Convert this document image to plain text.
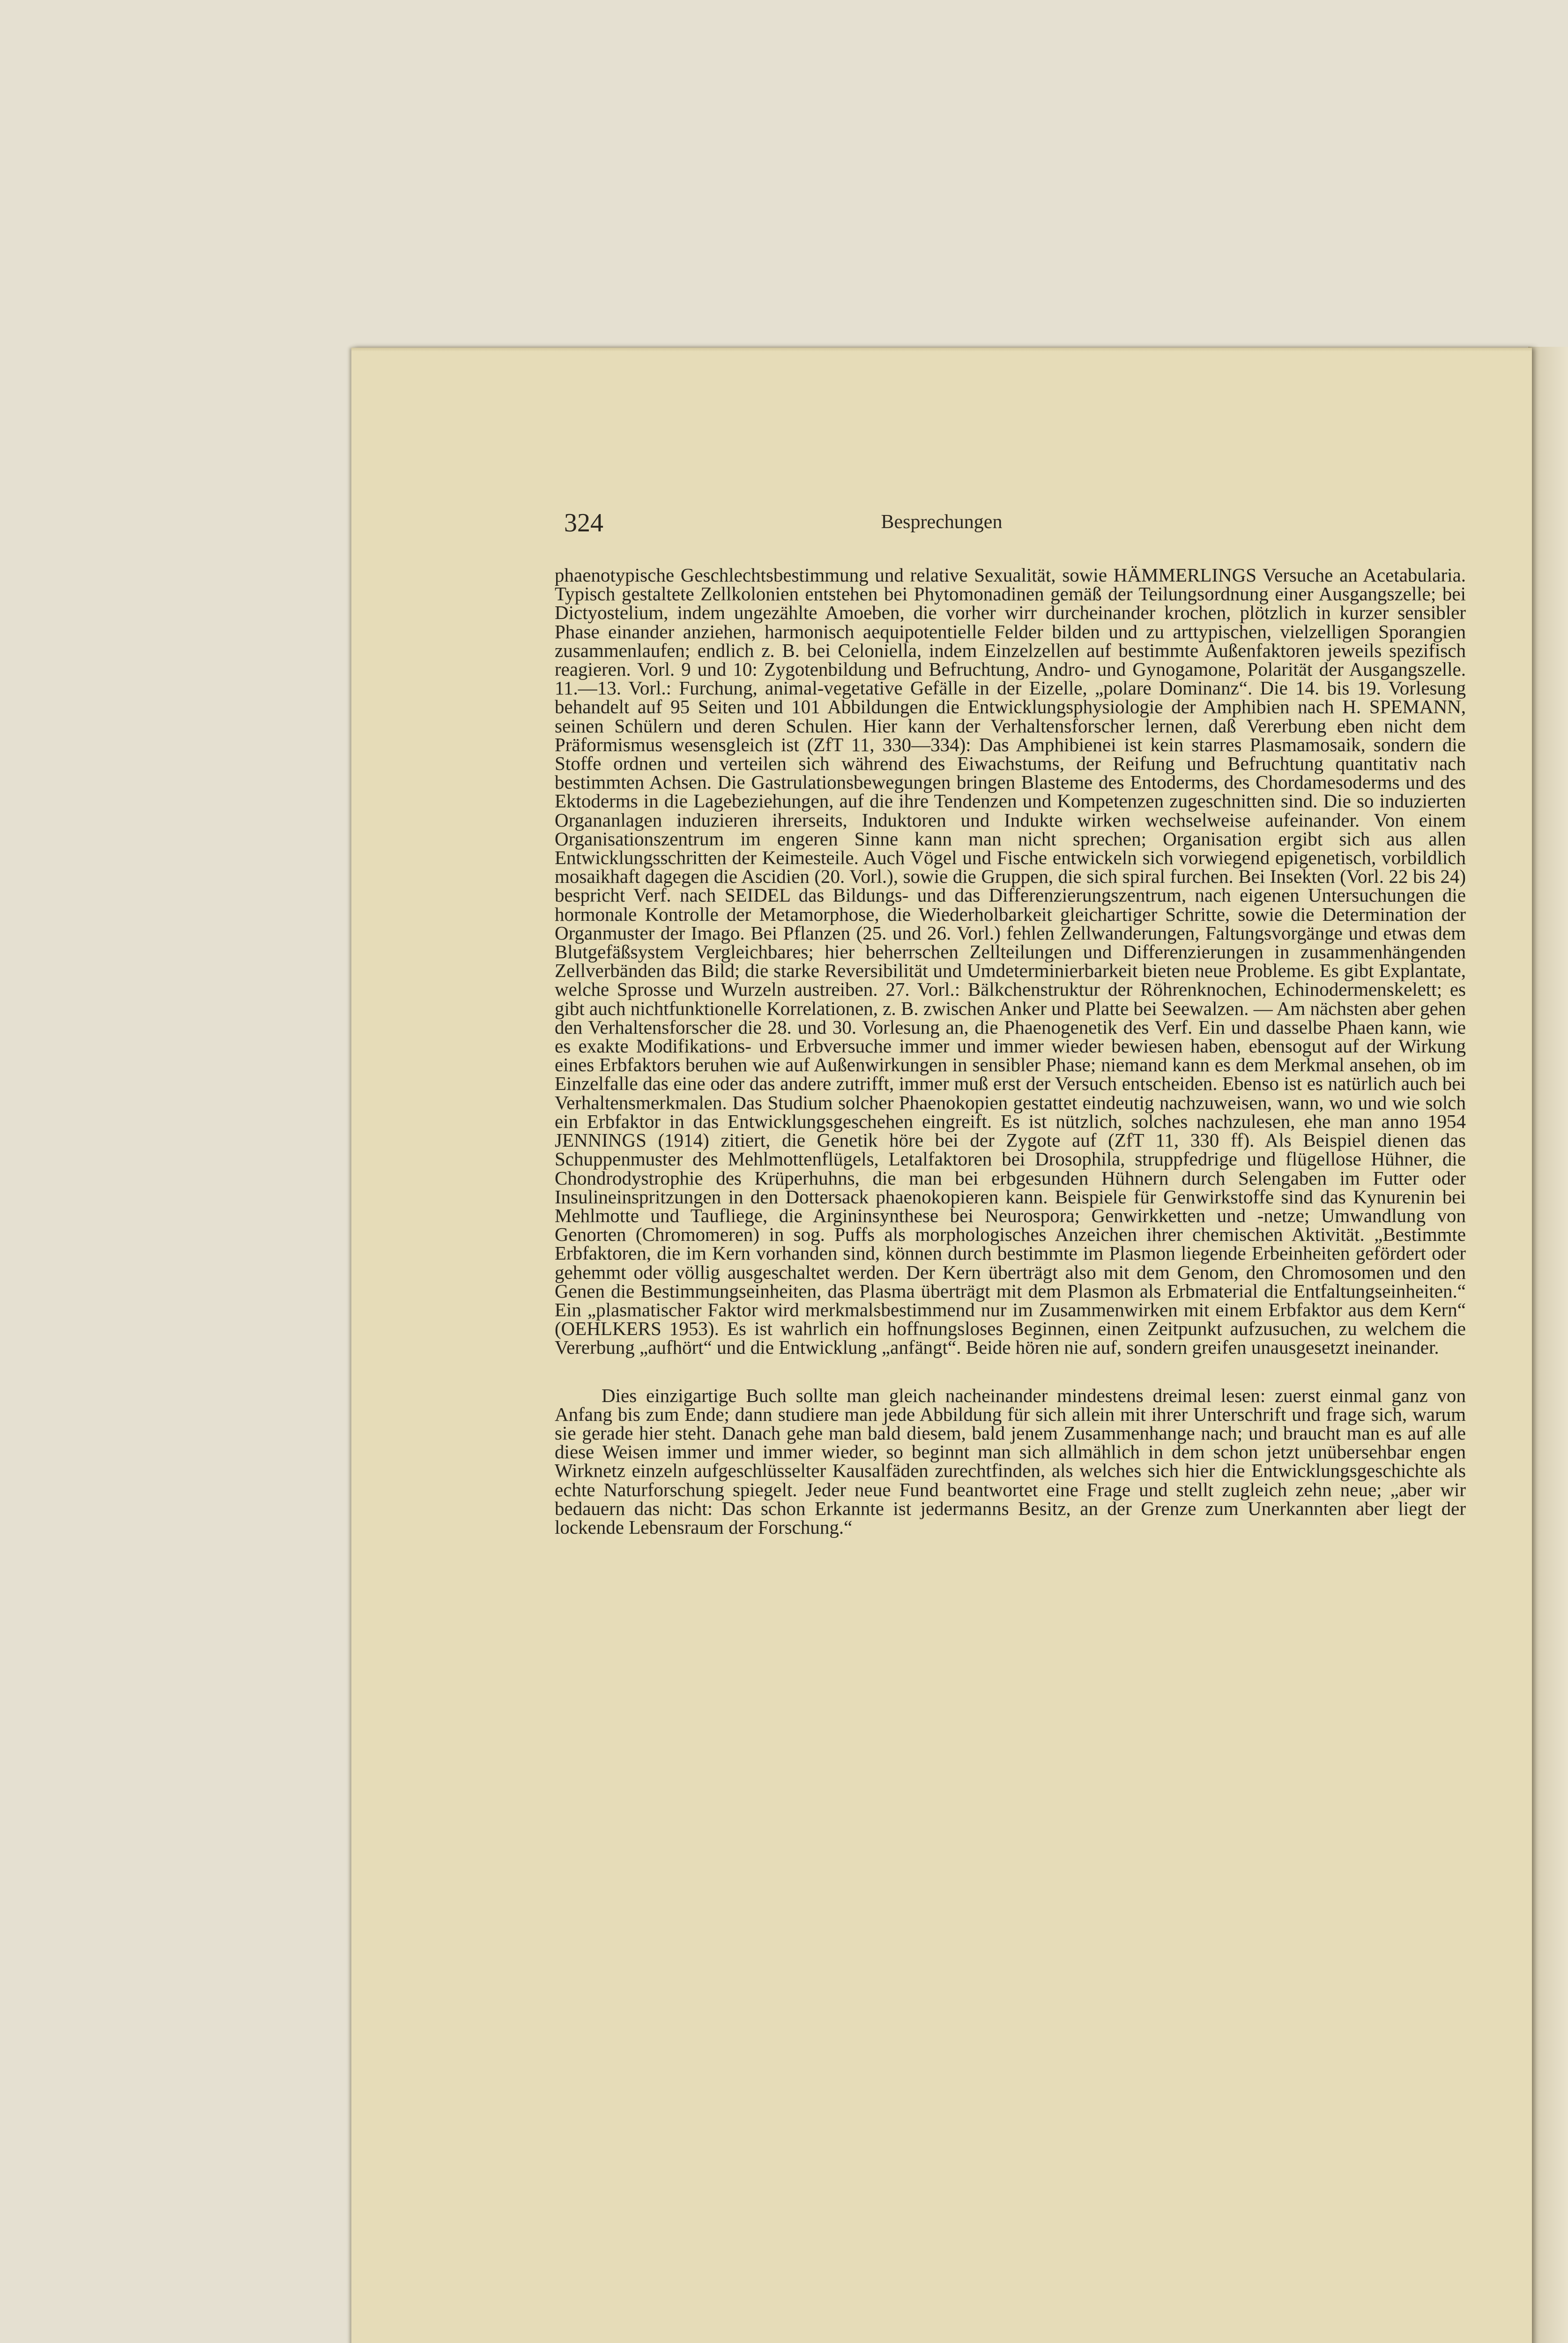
324	Besprechungen

phaenotypische Geschlechtsbestimmung und relative Sexualität, sowie HÄMMERLINGS Versuche an Acetabularia. Typisch gestaltete Zellkolonien entstehen bei Phytomonadinen gemäß der Teilungsordnung einer Ausgangszelle; bei Dictyostelium, indem ungezählte Amoeben, die vorher wirr durcheinander krochen, plötzlich in kurzer sensibler Phase einander anziehen, harmonisch aequipotentielle Felder bilden und zu arttypischen, vielzelligen Sporangien zusammenlaufen; endlich z. B. bei Celoniella, indem Einzelzellen auf bestimmte Außenfaktoren jeweils spezifisch reagieren. Vorl. 9 und 10: Zygotenbildung und Befruchtung, Andro- und Gynogamone, Polarität der Ausgangszelle. 11.—13. Vorl.: Furchung, animal-vegetative Gefälle in der Eizelle, „polare Dominanz“. Die 14. bis 19. Vorlesung behandelt auf 95 Seiten und 101 Abbildungen die Entwicklungsphysiologie der Amphibien nach H. SPEMANN, seinen Schülern und deren Schulen. Hier kann der Verhaltensforscher lernen, daß Vererbung eben nicht dem Präformismus wesensgleich ist (ZfT 11, 330—334): Das Amphibienei ist kein starres Plasmamosaik, sondern die Stoffe ordnen und verteilen sich während des Eiwachstums, der Reifung und Befruchtung quantitativ nach bestimmten Achsen. Die Gastrulationsbewegungen bringen Blasteme des Entoderms, des Chordamesoderms und des Ektoderms in die Lagebeziehungen, auf die ihre Tendenzen und Kompetenzen zugeschnitten sind. Die so induzierten Organanlagen induzieren ihrerseits, Induktoren und Indukte wirken wechselweise aufeinander. Von einem Organisationszentrum im engeren Sinne kann man nicht sprechen; Organisation ergibt sich aus allen Entwicklungsschritten der Keimesteile. Auch Vögel und Fische entwickeln sich vorwiegend epigenetisch, vorbildlich mosaikhaft dagegen die Ascidien (20. Vorl.), sowie die Gruppen, die sich spiral furchen. Bei Insekten (Vorl. 22 bis 24) bespricht Verf. nach SEIDEL das Bildungs- und das Differenzierungszentrum, nach eigenen Untersuchungen die hormonale Kontrolle der Metamorphose, die Wiederholbarkeit gleichartiger Schritte, sowie die Determination der Organmuster der Imago. Bei Pflanzen (25. und 26. Vorl.) fehlen Zellwanderungen, Faltungsvorgänge und etwas dem Blutgefäßsystem Vergleichbares; hier beherrschen Zellteilungen und Differenzierungen in zusammenhängenden Zellverbänden das Bild; die starke Reversibilität und Umdeterminierbarkeit bieten neue Probleme. Es gibt Explantate, welche Sprosse und Wurzeln austreiben. 27. Vorl.: Bälkchenstruktur der Röhrenknochen, Echinodermenskelett; es gibt auch nichtfunktionelle Korrelationen, z. B. zwischen Anker und Platte bei Seewalzen. — Am nächsten aber gehen den Verhaltensforscher die 28. und 30. Vorlesung an, die Phaenogenetik des Verf. Ein und dasselbe Phaen kann, wie es exakte Modifikations- und Erbversuche immer und immer wieder bewiesen haben, ebensogut auf der Wirkung eines Erbfaktors beruhen wie auf Außenwirkungen in sensibler Phase; niemand kann es dem Merkmal ansehen, ob im Einzelfalle das eine oder das andere zutrifft, immer muß erst der Versuch entscheiden. Ebenso ist es natürlich auch bei Verhaltensmerkmalen. Das Studium solcher Phaenokopien gestattet eindeutig nachzuweisen, wann, wo und wie solch ein Erbfaktor in das Entwicklungsgeschehen eingreift. Es ist nützlich, solches nachzulesen, ehe man anno 1954 JENNINGS (1914) zitiert, die Genetik höre bei der Zygote auf (ZfT 11, 330 ff). Als Beispiel dienen das Schuppenmuster des Mehlmottenflügels, Letalfaktoren bei Drosophila, struppfedrige und flügellose Hühner, die Chondrodystrophie des Krüperhuhns, die man bei erbgesunden Hühnern durch Selengaben im Futter oder Insulineinspritzungen in den Dottersack phaenokopieren kann. Beispiele für Genwirkstoffe sind das Kynurenin bei Mehlmotte und Taufliege, die Argininsynthese bei Neurospora; Genwirkketten und -netze; Umwandlung von Genorten (Chromomeren) in sog. Puffs als morphologisches Anzeichen ihrer chemischen Aktivität. „Bestimmte Erbfaktoren, die im Kern vorhanden sind, können durch bestimmte im Plasmon liegende Erbeinheiten gefördert oder gehemmt oder völlig ausgeschaltet werden. Der Kern überträgt also mit dem Genom, den Chromosomen und den Genen die Bestimmungseinheiten, das Plasma überträgt mit dem Plasmon als Erbmaterial die Entfaltungseinheiten.“ Ein „plasmatischer Faktor wird merkmalsbestimmend nur im Zusammenwirken mit einem Erbfaktor aus dem Kern“ (OEHLKERS 1953). Es ist wahrlich ein hoffnungsloses Beginnen, einen Zeitpunkt aufzusuchen, zu welchem die Vererbung „aufhört“ und die Entwicklung „anfängt“. Beide hören nie auf, sondern greifen unausgesetzt ineinander.

Dies einzigartige Buch sollte man gleich nacheinander mindestens dreimal lesen: zuerst einmal ganz von Anfang bis zum Ende; dann studiere man jede Abbildung für sich allein mit ihrer Unterschrift und frage sich, warum sie gerade hier steht. Danach gehe man bald diesem, bald jenem Zusammenhange nach; und braucht man es auf alle diese Weisen immer und immer wieder, so beginnt man sich allmählich in dem schon jetzt unübersehbar engen Wirknetz einzeln aufgeschlüsselter Kausalfäden zurechtfinden, als welches sich hier die Entwicklungsgeschichte als echte Naturforschung spiegelt. Jeder neue Fund beantwortet eine Frage und stellt zugleich zehn neue; „aber wir bedauern das nicht: Das schon Erkannte ist jedermanns Besitz, an der Grenze zum Unerkannten aber liegt der lockende Lebensraum der Forschung.“
